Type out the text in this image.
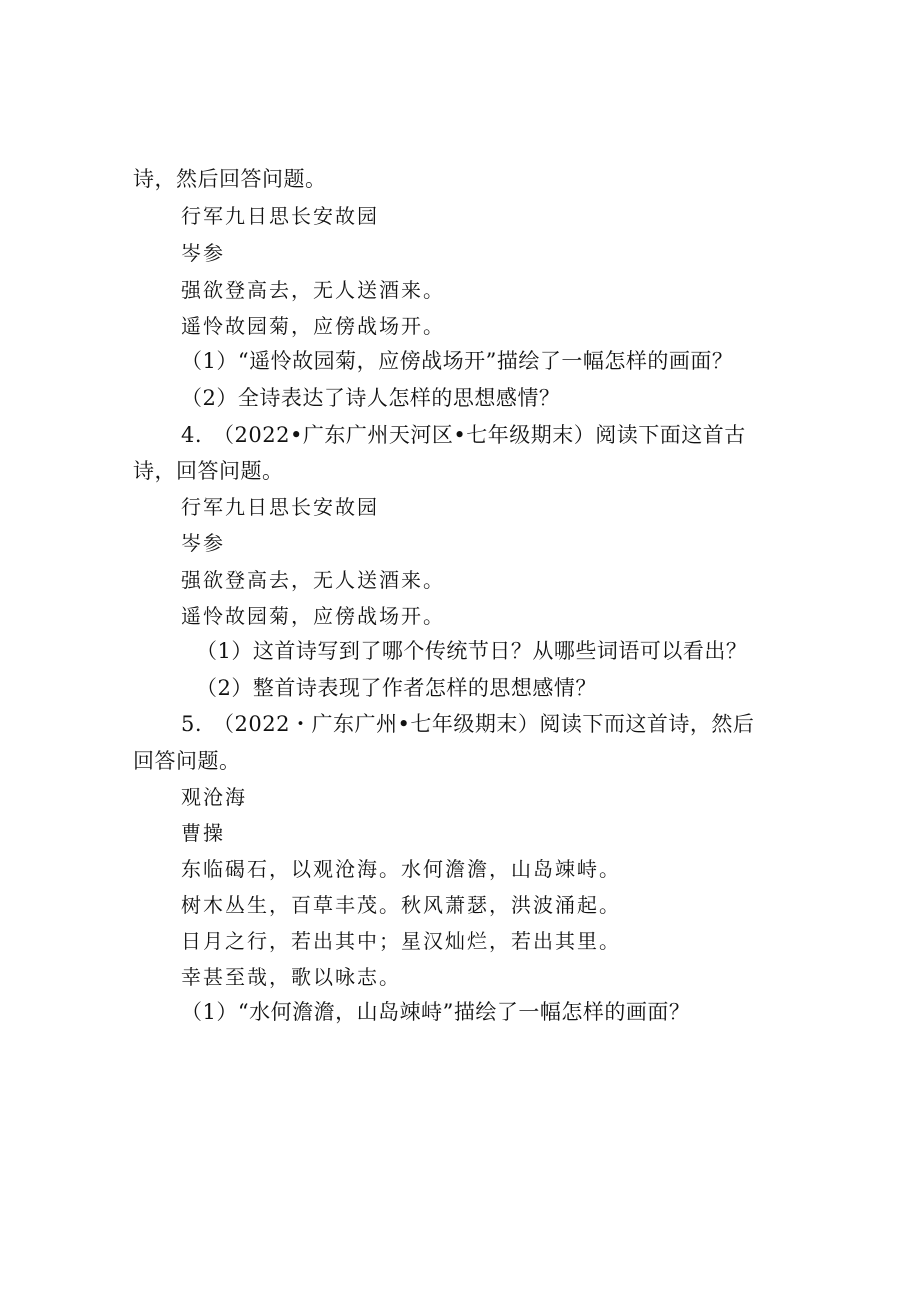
诗，然后回答问题。
行军九日思长安故园
岑参
强欲登高去，无人送酒来。
遥怜故园菊，应傍战场开。
（1）“遥怜故园菊，应傍战场开”描绘了一幅怎样的画面？
（2）全诗表达了诗人怎样的思想感情？
4.　（2022•广东广州天河区•七年级期末）阅读下面这首古
诗，回答问题。
行军九日思长安故园
岑参
强欲登高去，无人送酒来。
遥怜故园菊，应傍战场开。
（1）这首诗写到了哪个传统节日？从哪些词语可以看出？
（2）整首诗表现了作者怎样的思想感情？
5.　（2022・广东广州•七年级期末）阅读下而这首诗，然后
回答问题。
观沧海
曹操
东临碣石，以观沧海。水何澹澹，山岛竦峙。
树木丛生，百草丰茂。秋风萧瑟，洪波涌起。
日月之行，若出其中；星汉灿烂，若出其里。
幸甚至哉，歌以咏志。
（1）“水何澹澹，山岛竦峙”描绘了一幅怎样的画面？
